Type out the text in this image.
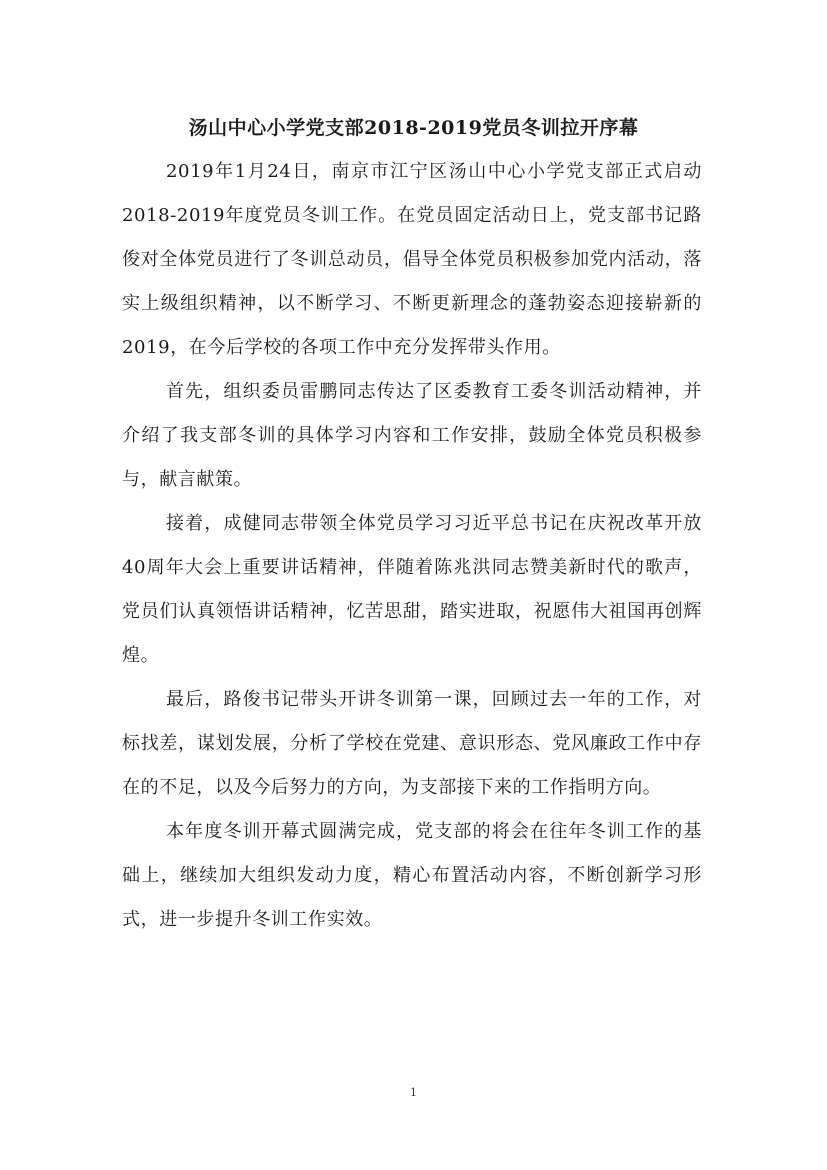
汤山中心小学党支部2018-2019党员冬训拉开序幕

2019年1月24日，南京市江宁区汤山中心小学党支部正式启动2018-2019年度党员冬训工作。在党员固定活动日上，党支部书记路俊对全体党员进行了冬训总动员，倡导全体党员积极参加党内活动，落实上级组织精神，以不断学习、不断更新理念的蓬勃姿态迎接崭新的2019，在今后学校的各项工作中充分发挥带头作用。

首先，组织委员雷鹏同志传达了区委教育工委冬训活动精神，并介绍了我支部冬训的具体学习内容和工作安排，鼓励全体党员积极参与，献言献策。

接着，成健同志带领全体党员学习习近平总书记在庆祝改革开放40周年大会上重要讲话精神，伴随着陈兆洪同志赞美新时代的歌声，党员们认真领悟讲话精神，忆苦思甜，踏实进取，祝愿伟大祖国再创辉煌。

最后，路俊书记带头开讲冬训第一课，回顾过去一年的工作，对标找差，谋划发展，分析了学校在党建、意识形态、党风廉政工作中存在的不足，以及今后努力的方向，为支部接下来的工作指明方向。

本年度冬训开幕式圆满完成，党支部的将会在往年冬训工作的基础上，继续加大组织发动力度，精心布置活动内容，不断创新学习形式，进一步提升冬训工作实效。

1
